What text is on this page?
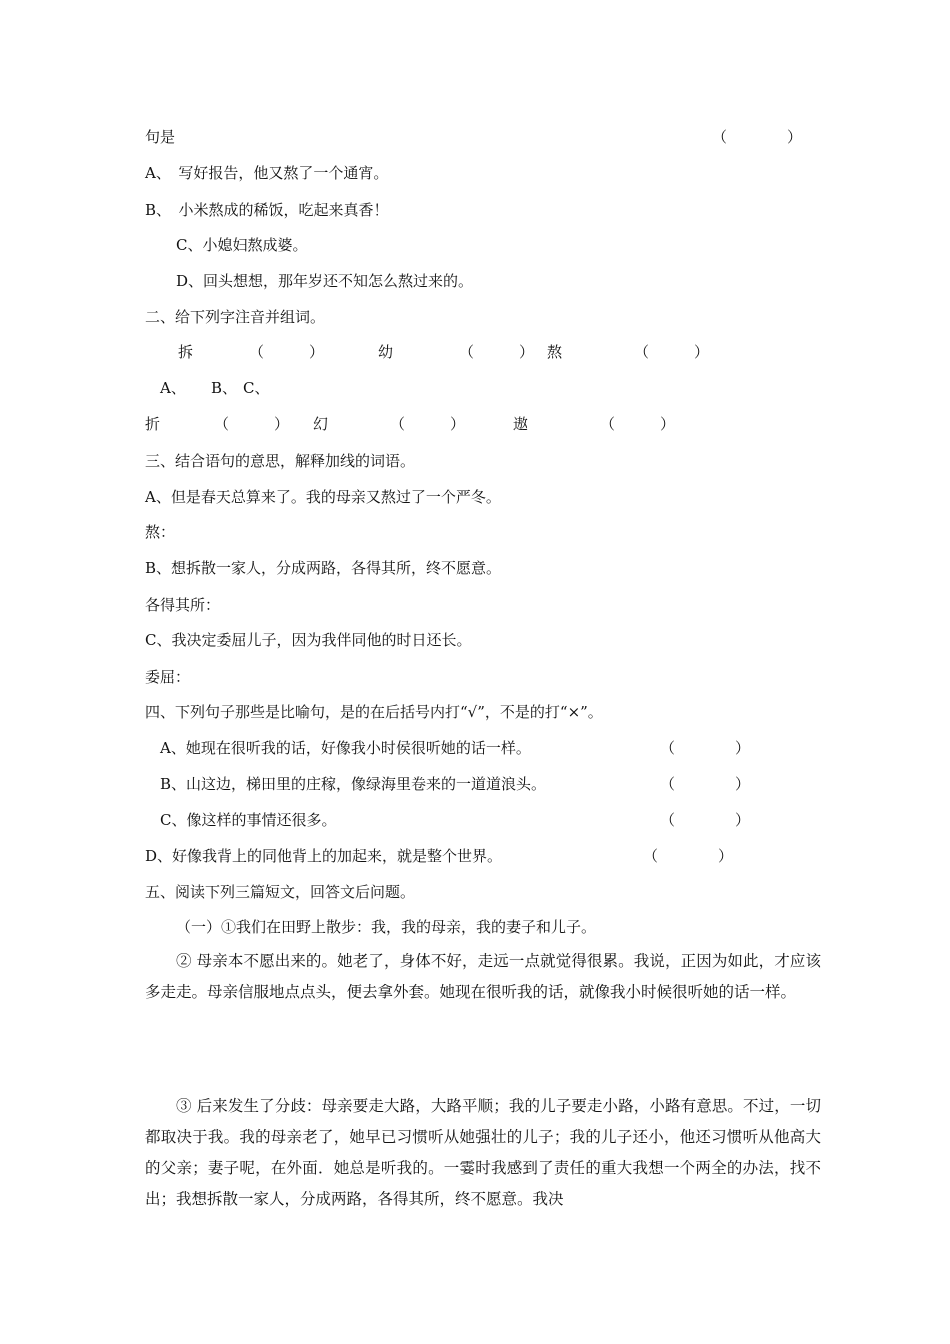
句是	（　　　　）
A、　写好报告，他又熬了一个通宵。
B、　小米熬成的稀饭，吃起来真香！
C、小媳妇熬成婆。
D、回头想想，那年岁还不知怎么熬过来的。
二、给下列字注音并组词。
拆	（　　　）	幼	（　　　） 熬	（　　　）
A、 B、 C、
折	（　　　） 幻	（　　　）	遨	（　　　）
三、结合语句的意思，解释加线的词语。
A、但是春天总算来了。我的母亲又熬过了一个严冬。
熬：
B、想拆散一家人，分成两路，各得其所，终不愿意。
各得其所：
C、我决定委屈儿子，因为我伴同他的时日还长。
委屈：
四、下列句子那些是比喻句，是的在后括号内打“√”，不是的打“×”。
A、她现在很听我的话，好像我小时侯很听她的话一样。	（　　　　）
B、山这边，梯田里的庄稼，像绿海里卷来的一道道浪头。	（　　　　）
C、像这样的事情还很多。	（　　　　）
D、好像我背上的同他背上的加起来，就是整个世界。	（　　　　）
五、阅读下列三篇短文，回答文后问题。
（一）①我们在田野上散步：我，我的母亲，我的妻子和儿子。
② 母亲本不愿出来的。她老了，身体不好，走远一点就觉得很累。我说，正因为如此，才应该多走走。母亲信服地点点头，便去拿外套。她现在很听我的话，就像我小时候很听她的话一样。
③ 后来发生了分歧：母亲要走大路，大路平顺；我的儿子要走小路，小路有意思。不过，一切都取决于我。我的母亲老了，她早已习惯听从她强壮的儿子；我的儿子还小，他还习惯听从他高大的父亲；妻子呢，在外面．她总是听我的。一霎时我感到了责任的重大我想一个两全的办法，找不出；我想拆散一家人，分成两路，各得其所，终不愿意。我决
